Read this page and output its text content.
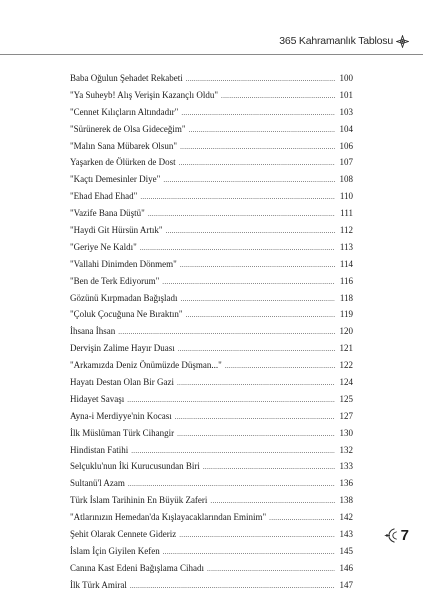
365 Kahramanlık Tablosu
Baba Oğulun Şehadet Rekabeti .....	100
"Ya Suheyb! Alış Verişin Kazançlı Oldu" .....	101
"Cennet Kılıçların Altındadır" .....	103
"Sürünerek de Olsa Gideceğim" .....	104
"Malın Sana Mübarek Olsun" .....	106
Yaşarken de Ölürken de Dost .....	107
"Kaçtı Demesinler Diye" .....	108
"Ehad Ehad Ehad" .....	110
"Vazife Bana Düştü" .....	111
"Haydi Git Hürsün Artık" .....	112
"Geriye Ne Kaldı" .....	113
"Vallahi Dinimden Dönmem" .....	114
"Ben de Terk Ediyorum" .....	116
Gözünü Kırpmadan Bağışladı .....	118
"Çoluk Çocuğuna Ne Bıraktın" .....	119
İhsana İhsan .....	120
Dervişin Zalime Hayır Duası .....	121
"Arkamızda Deniz Önümüzde Düşman..." .....	122
Hayatı Destan Olan Bir Gazi .....	124
Hidayet Savaşı .....	125
Ayna-i Merdiyye'nin Kocası .....	127
İlk Müslüman Türk Cihangir .....	130
Hindistan Fatihi .....	132
Selçuklu'nun İki Kurucusundan Biri .....	133
Sultanü'l Azam .....	136
Türk İslam Tarihinin En Büyük Zaferi .....	138
"Atlarınızın Hemedan'da Kışlayacaklarından Eminim" .....	142
Şehit Olarak Cennete Gideriz .....	143
İslam İçin Giyilen Kefen .....	145
Canına Kast Edeni Bağışlama Cihadı .....	146
İlk Türk Amiral .....	147
7
